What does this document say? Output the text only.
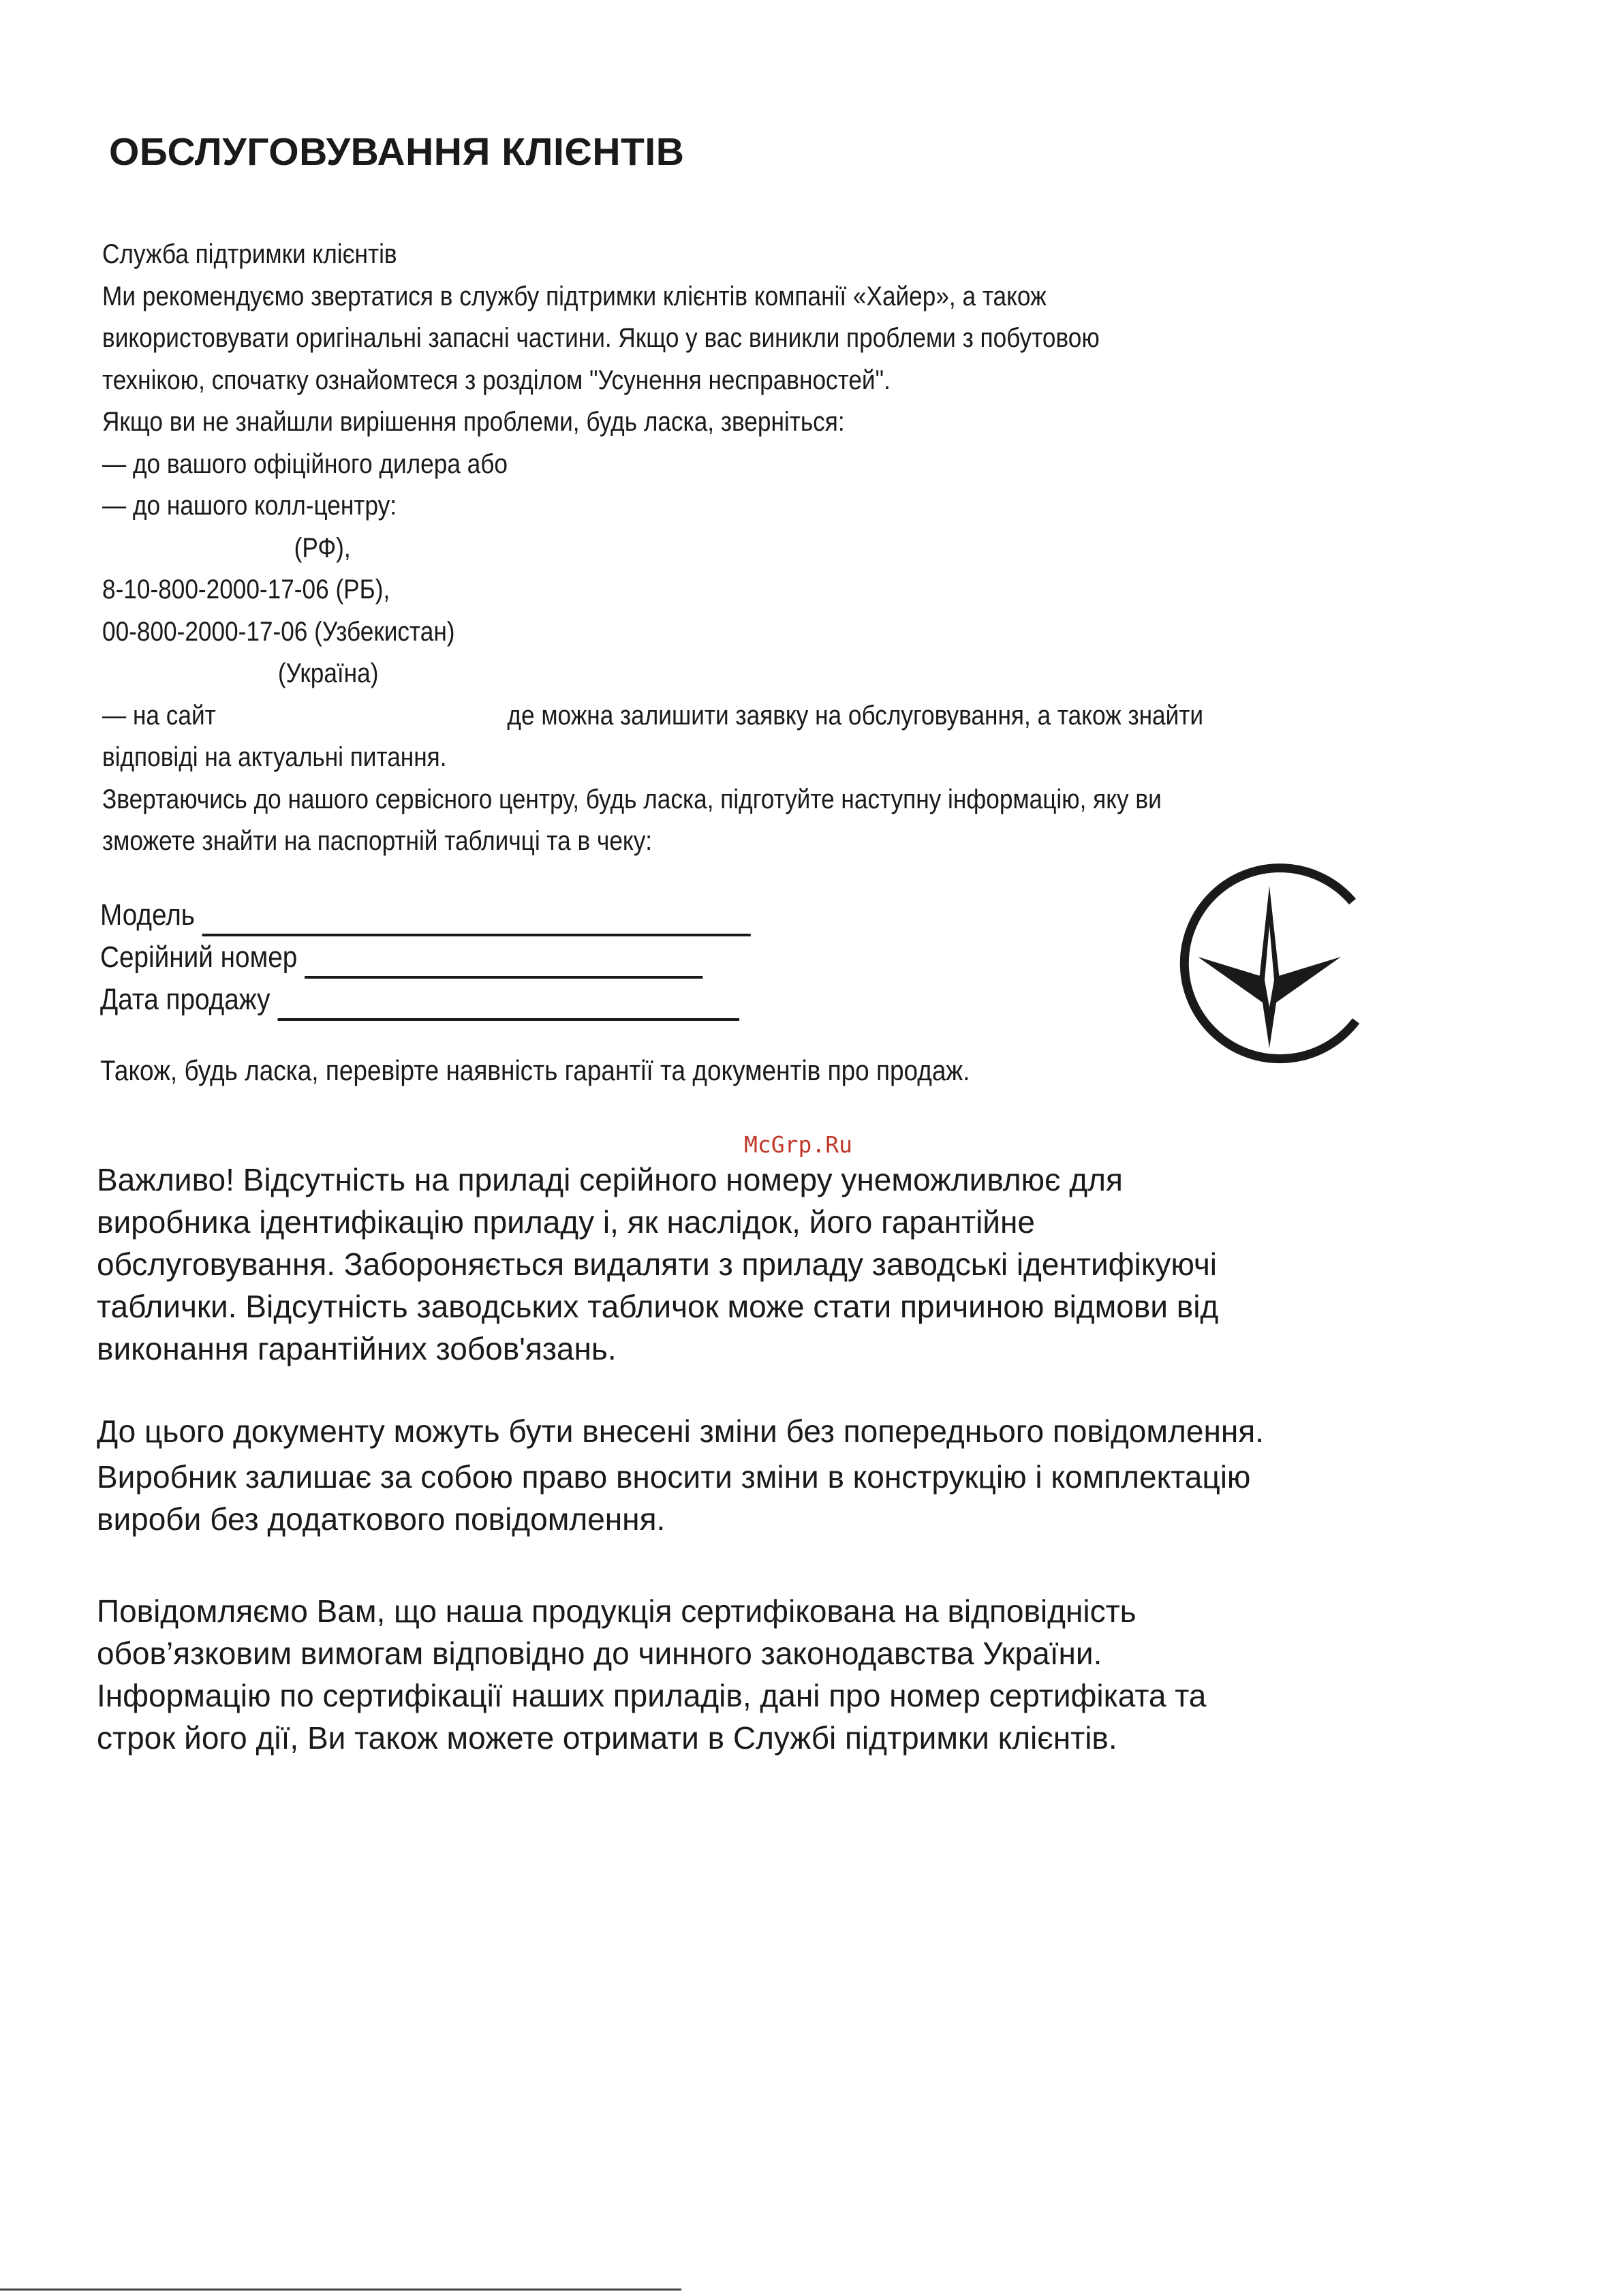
ОБСЛУГОВУВАННЯ КЛІЄНТІВ
Служба підтримки клієнтів
Ми рекомендуємо звертатися в службу підтримки клієнтів компанії «Хайер», а також
використовувати оригінальні запасні частини. Якщо у вас виникли проблеми з побутовою
технікою, спочатку ознайомтеся з розділом "Усунення несправностей".
Якщо ви не знайшли вирішення проблеми, будь ласка, зверніться:
— до вашого офіційного дилера або
— до нашого колл-центру:
(РФ),
8-10-800-2000-17-06 (РБ),
00-800-2000-17-06 (Узбекистан)
(Україна)
— на сайт	де можна залишити заявку на обслуговування, а також знайти
відповіді на актуальні питання.
Звертаючись до нашого сервісного центру, будь ласка, підготуйте наступну інформацію, яку ви
зможете знайти на паспортній табличці та в чеку:
Модель
Серійний номер
Дата продажу
Також, будь ласка, перевірте наявність гарантії та документів про продаж.
McGrp.Ru
Важливо! Відсутність на приладі серійного номеру унеможливлює для
виробника ідентифікацію приладу і, як наслідок, його гарантійне
обслуговування. Забороняється видаляти з приладу заводські ідентифікуючі
таблички. Відсутність заводських табличок може стати причиною відмови від
виконання гарантійних зобов'язань.
До цього документу можуть бути внесені зміни без попереднього повідомлення.
Виробник залишає за собою право вносити зміни в конструкцію і комплектацію
вироби без додаткового повідомлення.
Повідомляємо Вам, що наша продукція сертифікована на відповідність
обов’язковим вимогам відповідно до чинного законодавства України.
Інформацію по сертифікації наших приладів, дані про номер сертифіката та
строк його дії, Ви також можете отримати в Службі підтримки клієнтів.
